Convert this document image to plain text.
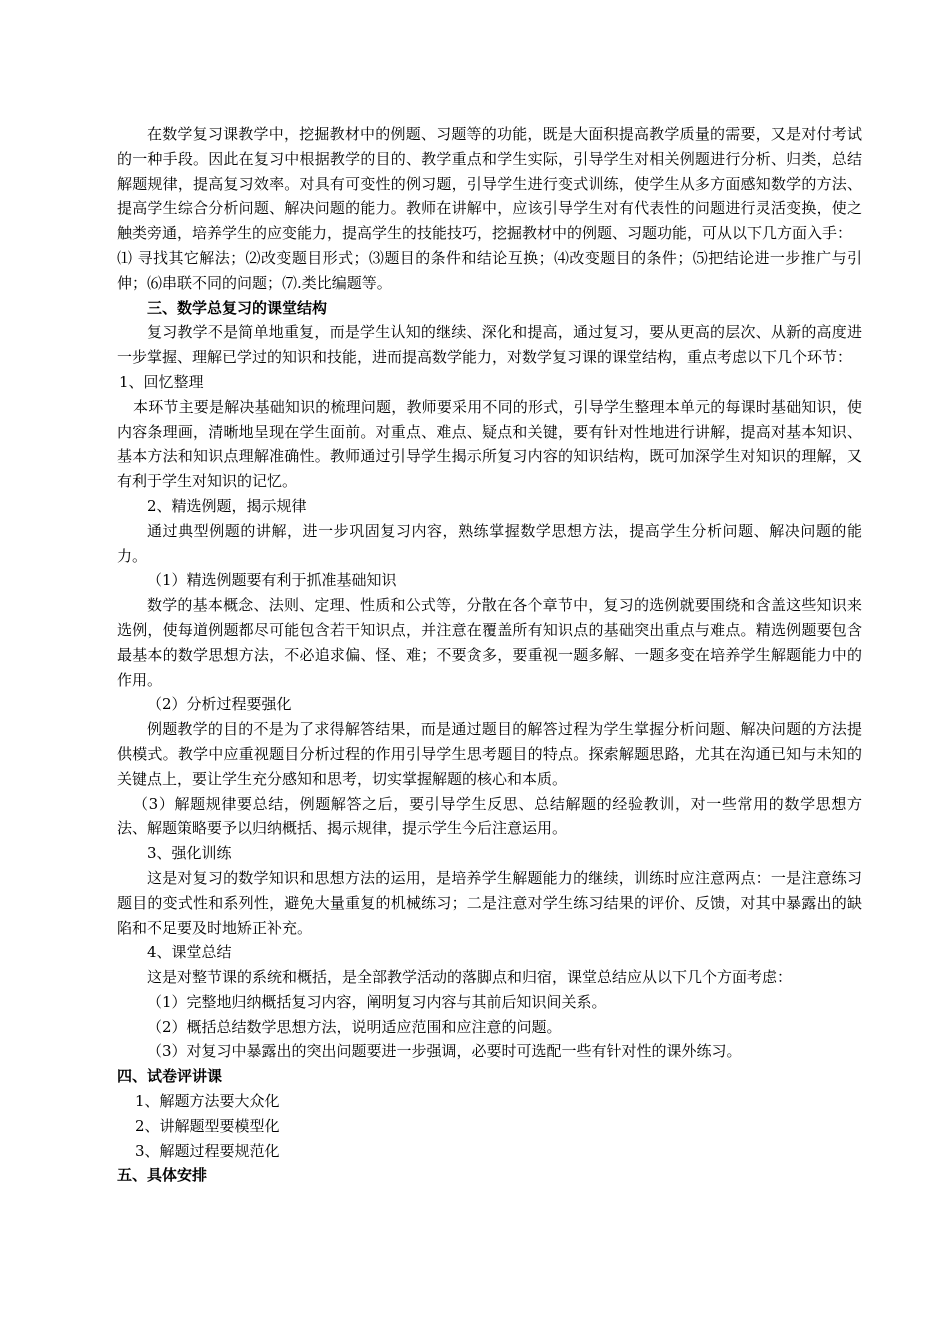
在数学复习课教学中，挖掘教材中的例题、习题等的功能，既是大面积提高教学质量的需要，又是对付考试的一种手段。因此在复习中根据教学的目的、教学重点和学生实际，引导学生对相关例题进行分析、归类，总结解题规律，提高复习效率。对具有可变性的例习题，引导学生进行变式训练，使学生从多方面感知数学的方法、提高学生综合分析问题、解决问题的能力。教师在讲解中，应该引导学生对有代表性的问题进行灵活变换，使之触类旁通，培养学生的应变能力，提高学生的技能技巧，挖掘教材中的例题、习题功能，可从以下几方面入手：

⑴ 寻找其它解法；⑵改变题目形式；⑶题目的条件和结论互换；⑷改变题目的条件；⑸把结论进一步推广与引伸；⑹串联不同的问题；⑺.类比编题等。

三、数学总复习的课堂结构

复习教学不是简单地重复，而是学生认知的继续、深化和提高，通过复习，要从更高的层次、从新的高度进一步掌握、理解已学过的知识和技能，进而提高数学能力，对数学复习课的课堂结构，重点考虑以下几个环节：

1、回忆整理

本环节主要是解决基础知识的梳理问题，教师要采用不同的形式，引导学生整理本单元的每课时基础知识，使内容条理画，清晰地呈现在学生面前。对重点、难点、疑点和关键，要有针对性地进行讲解，提高对基本知识、基本方法和知识点理解准确性。教师通过引导学生揭示所复习内容的知识结构，既可加深学生对知识的理解，又有利于学生对知识的记忆。

2、精选例题，揭示规律

通过典型例题的讲解，进一步巩固复习内容，熟练掌握数学思想方法，提高学生分析问题、解决问题的能力。

（1）精选例题要有利于抓准基础知识

数学的基本概念、法则、定理、性质和公式等，分散在各个章节中，复习的选例就要围绕和含盖这些知识来选例，使每道例题都尽可能包含若干知识点，并注意在覆盖所有知识点的基础突出重点与难点。精选例题要包含最基本的数学思想方法，不必追求偏、怪、难；不要贪多，要重视一题多解、一题多变在培养学生解题能力中的作用。

（2）分析过程要强化

例题教学的目的不是为了求得解答结果，而是通过题目的解答过程为学生掌握分析问题、解决问题的方法提供模式。教学中应重视题目分析过程的作用引导学生思考题目的特点。探索解题思路，尤其在沟通已知与未知的关键点上，要让学生充分感知和思考，切实掌握解题的核心和本质。

（3）解题规律要总结，例题解答之后，要引导学生反思、总结解题的经验教训，对一些常用的数学思想方法、解题策略要予以归纳概括、揭示规律，提示学生今后注意运用。

3、强化训练

这是对复习的数学知识和思想方法的运用，是培养学生解题能力的继续，训练时应注意两点：一是注意练习题目的变式性和系列性，避免大量重复的机械练习；二是注意对学生练习结果的评价、反馈，对其中暴露出的缺陷和不足要及时地矫正补充。

4、课堂总结

这是对整节课的系统和概括，是全部教学活动的落脚点和归宿，课堂总结应从以下几个方面考虑：

（1）完整地归纳概括复习内容，阐明复习内容与其前后知识间关系。

（2）概括总结数学思想方法，说明适应范围和应注意的问题。

（3）对复习中暴露出的突出问题要进一步强调，必要时可选配一些有针对性的课外练习。

四、试卷评讲课

1、解题方法要大众化

2、讲解题型要模型化

3、解题过程要规范化

五、具体安排
